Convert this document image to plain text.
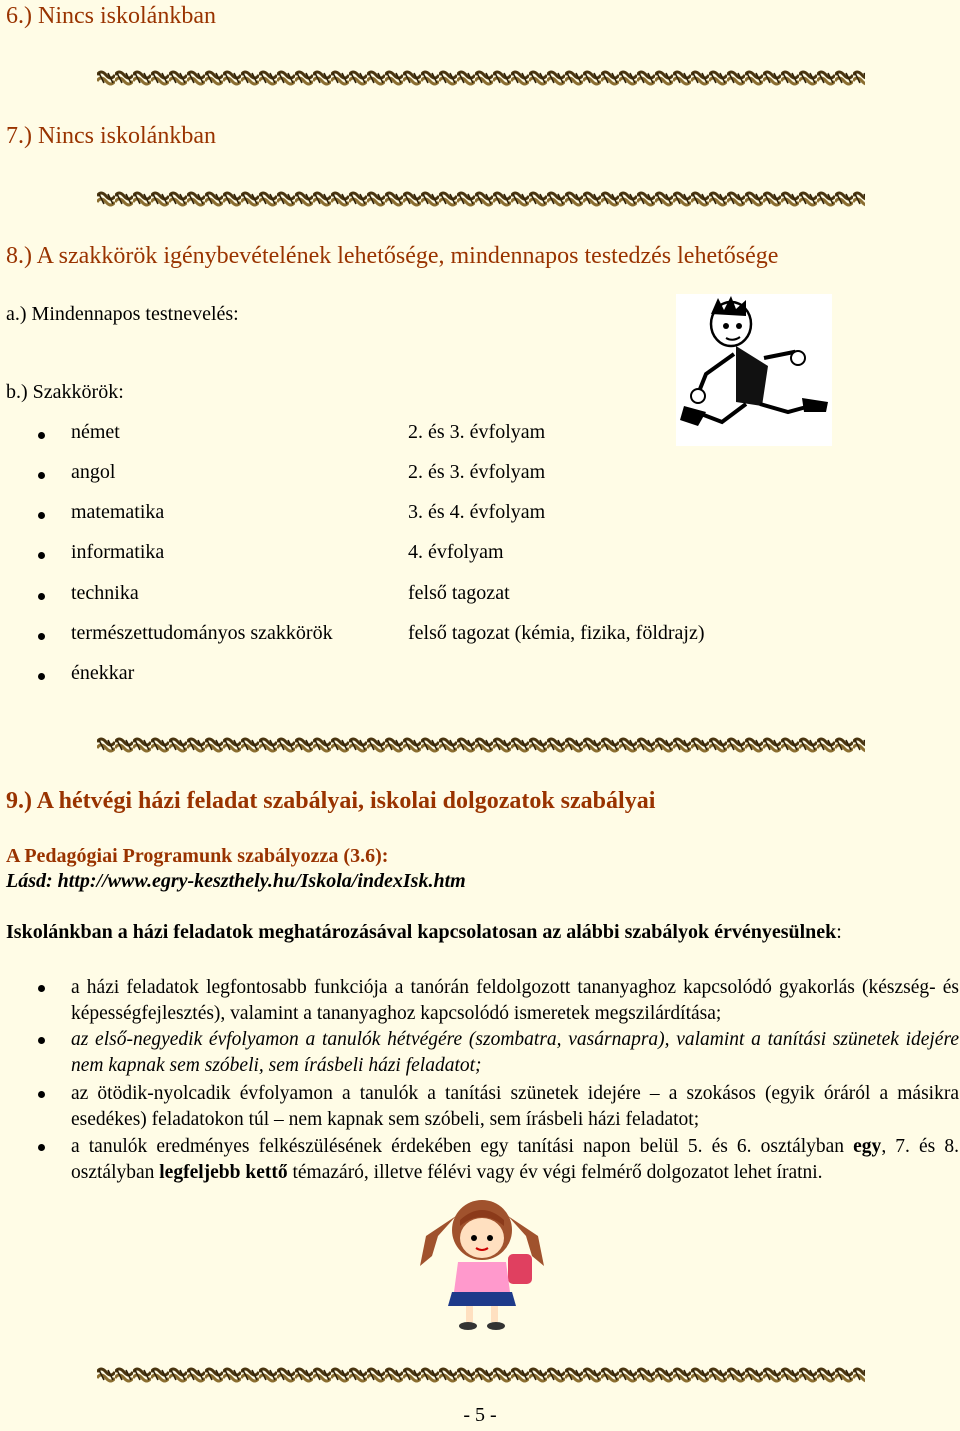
6.) Nincs iskolánkban
7.) Nincs iskolánkban
8.) A szakkörök igénybevételének lehetősége, mindennapos testedzés lehetősége
a.) Mindennapos testnevelés:
b.) Szakkörök:
német	2. és 3. évfolyam
angol	2. és 3. évfolyam
matematika	3. és 4. évfolyam
informatika	4. évfolyam
technika	felső tagozat
természettudományos szakkörök	felső tagozat (kémia, fizika, földrajz)
énekkar
9.) A hétvégi házi feladat szabályai, iskolai dolgozatok szabályai
A Pedagógiai Programunk szabályozza (3.6):
Lásd: http://www.egry-keszthely.hu/Iskola/indexIsk.htm
Iskolánkban a házi feladatok meghatározásával kapcsolatosan az alábbi szabályok érvényesülnek:
a házi feladatok legfontosabb funkciója a tanórán feldolgozott tananyaghoz kapcsolódó gyakorlás (készség- és képességfejlesztés), valamint a tananyaghoz kapcsolódó ismeretek megszilárdítása;
az első-negyedik évfolyamon a tanulók hétvégére (szombatra, vasárnapra), valamint a tanítási szünetek idejére nem kapnak sem szóbeli, sem írásbeli házi feladatot;
az ötödik-nyolcadik évfolyamon a tanulók a tanítási szünetek idejére – a szokásos (egyik óráról a másikra esedékes) feladatokon túl – nem kapnak sem szóbeli, sem írásbeli házi feladatot;
a tanulók eredményes felkészülésének érdekében egy tanítási napon belül 5. és 6. osztályban egy, 7. és 8. osztályban legfeljebb kettő témazáró, illetve félévi vagy év végi felmérő dolgozatot lehet íratni.
- 5 -
